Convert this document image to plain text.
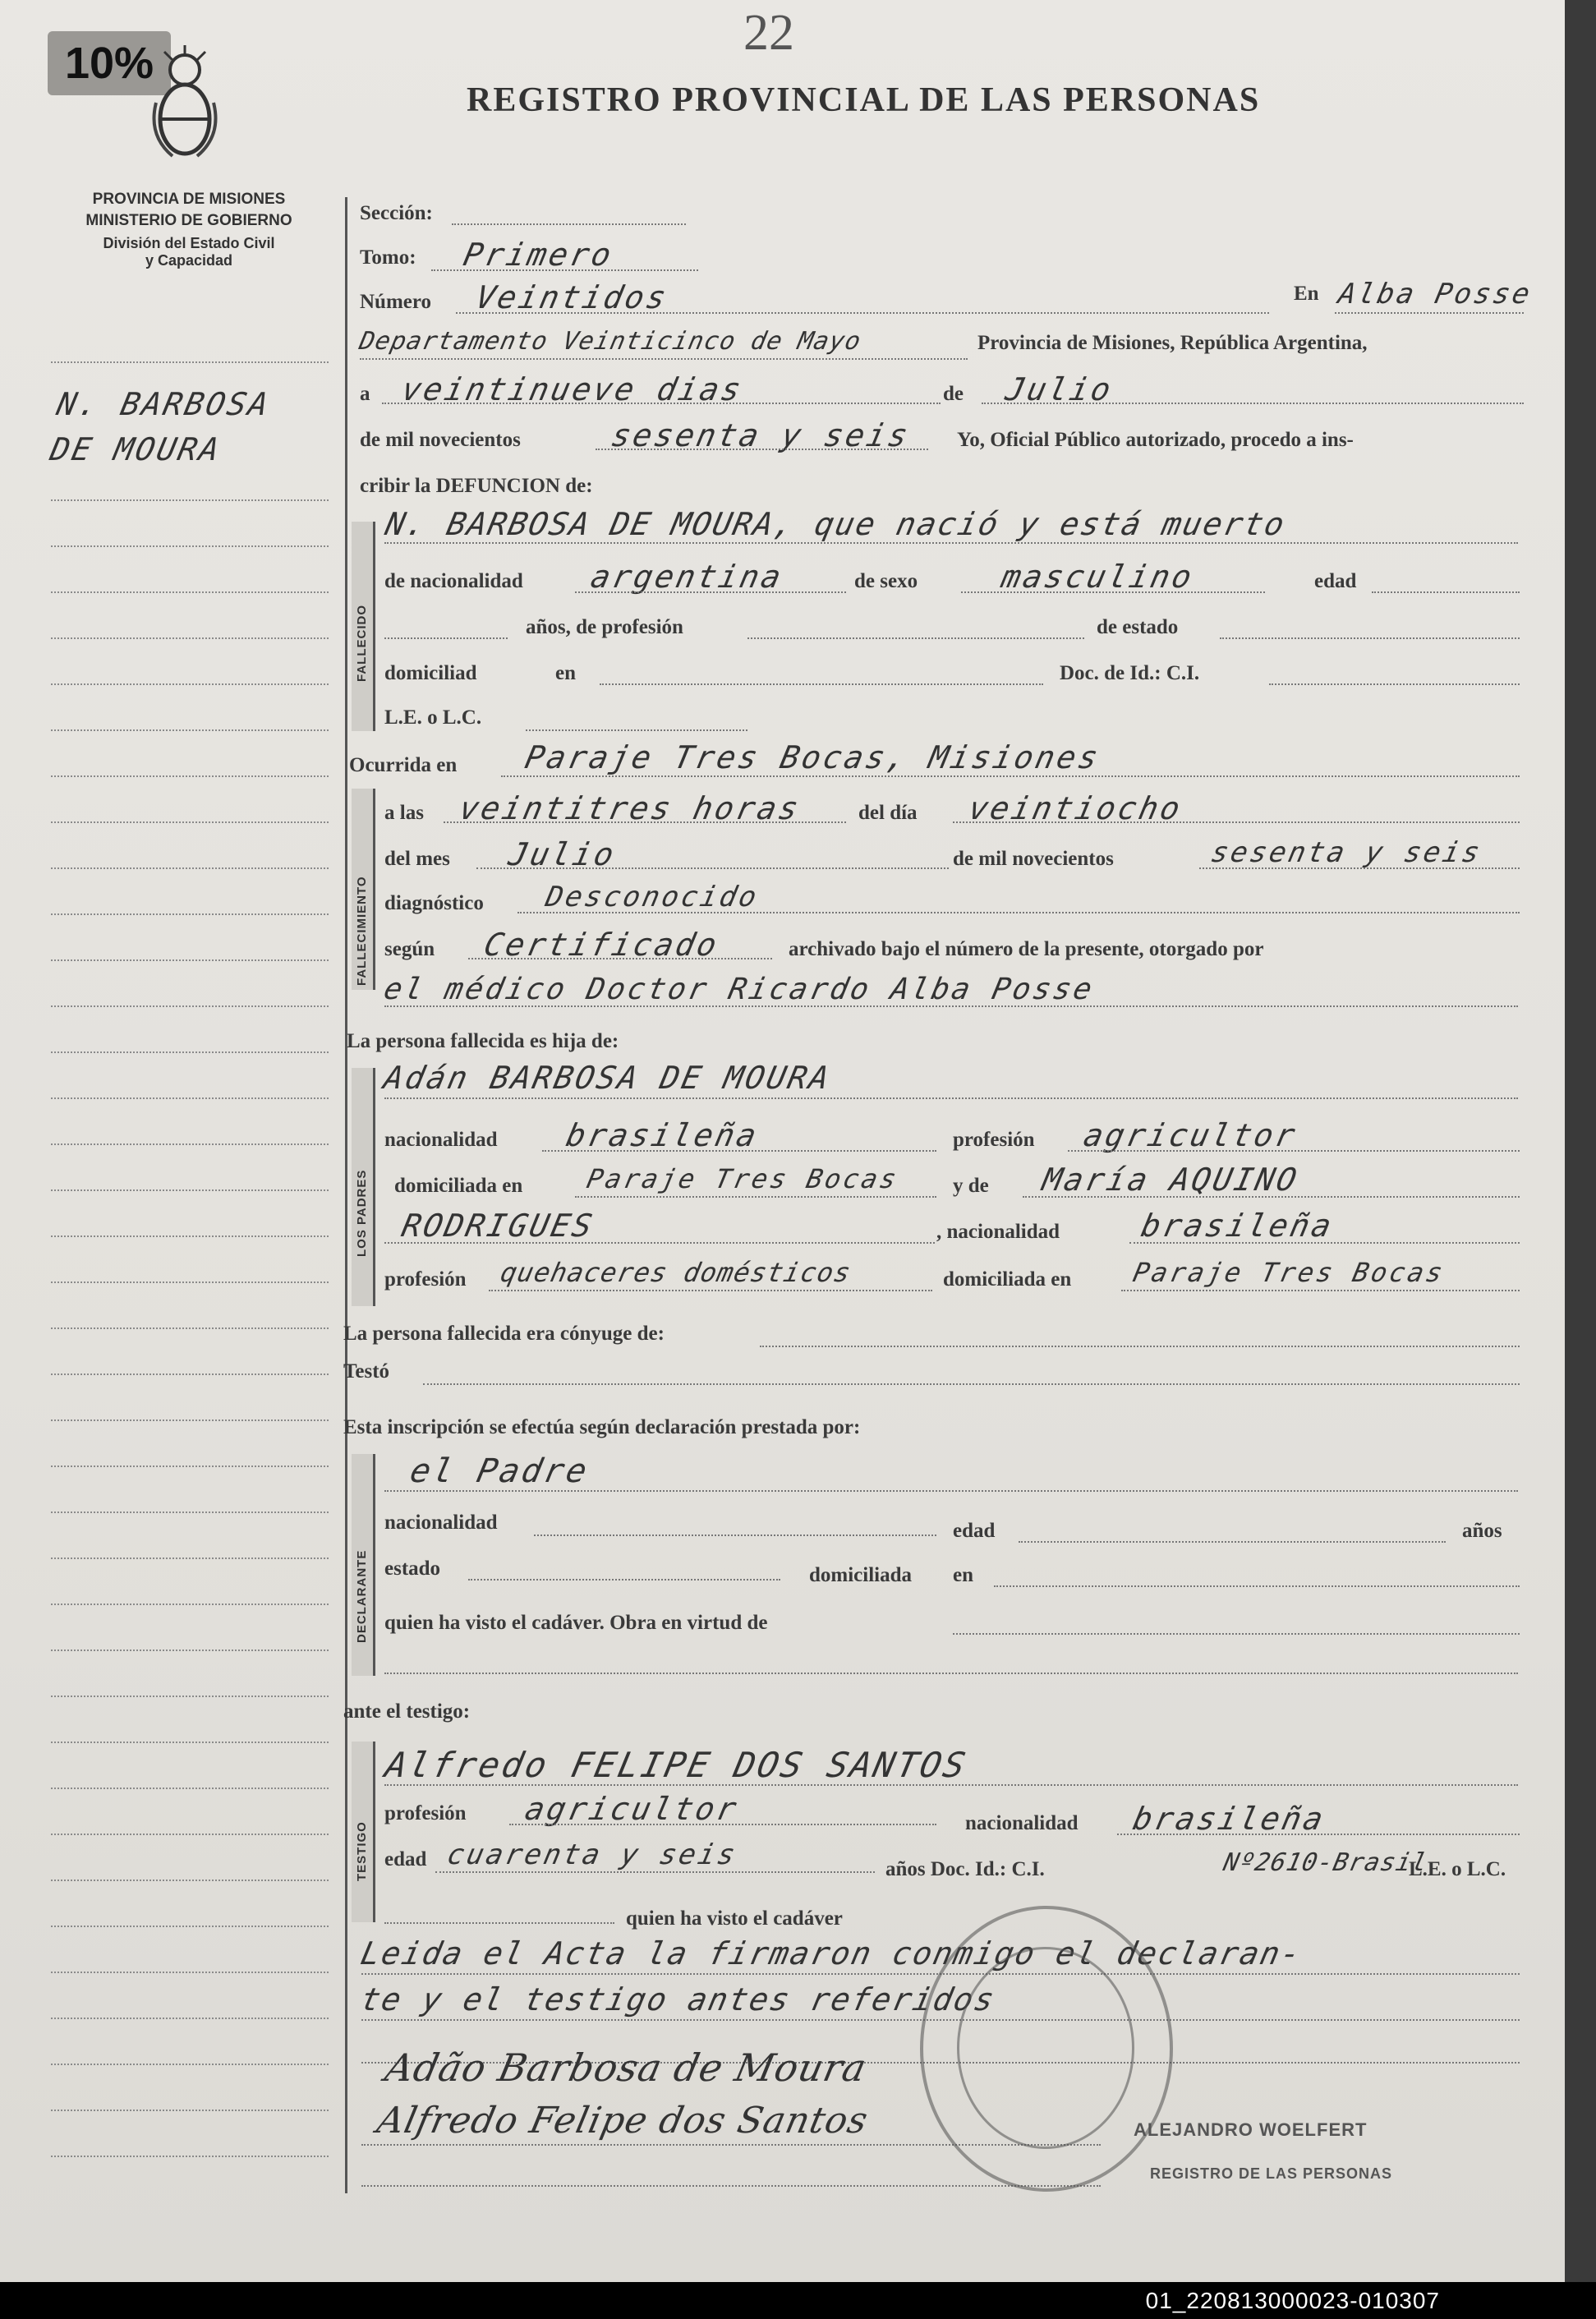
10%
22
REGISTRO PROVINCIAL DE LAS PERSONAS
PROVINCIA DE MISIONES
MINISTERIO DE GOBIERNO
División del Estado Civil
y Capacidad
N. BARBOSA
DE MOURA
Sección:
Tomo: Primero
Número Veintidos	En Alba Posse
Departamento Veinticinco de Mayo	Provincia de Misiones, República Argentina,
a veintinueve dias	de Julio
de mil novecientos	sesenta y seis Yo, Oficial Público autorizado, procedo a ins-
cribir la DEFUNCION de:
FALLECIDO
N. BARBOSA DE MOURA, que nació y está muerto
de nacionalidad argentina	de sexo	masculino	edad
años, de profesión	de estado
domiciliad	en	Doc. de Id.: C.I.
L.E. o L.C.
Ocurrida en Paraje Tres Bocas, Misiones
FALLECIMIENTO
a las veintitres horas	del día veintiocho
del mes Julio	de mil novecientos	sesenta y seis
diagnóstico Desconocido
según Certificado	archivado bajo el número de la presente, otorgado por
el médico Doctor Ricardo Alba Posse
La persona fallecida es hija de:
LOS PADRES
Adán BARBOSA DE MOURA
nacionalidad brasileña	profesión agricultor
domiciliada en Paraje Tres Bocas y de María AQUINO
RODRIGUES	, nacionalidad	brasileña
profesión quehaceres domésticos	domiciliada en Paraje Tres Bocas
La persona fallecida era cónyuge de:
Testó
Esta inscripción se efectúa según declaración prestada por:
DECLARANTE
el Padre
nacionalidad	edad	años
estado	domiciliada en
quien ha visto el cadáver. Obra en virtud de
ante el testigo:
TESTIGO
Alfredo FELIPE DOS SANTOS
profesión agricultor	nacionalidad brasileña
edad cuarenta y seis	años Doc. Id.: C.I.	Nº2610-Brasil
L.E. o L.C.
quien ha visto el cadáver
Leida el Acta la firmaron conmigo el declaran-
te y el testigo antes referidos
Adão Barbosa de Moura
Alfredo Felipe dos Santos	ALEJANDRO WOELFERT
REGISTRO DE LAS PERSONAS
01_220813000023-010307
